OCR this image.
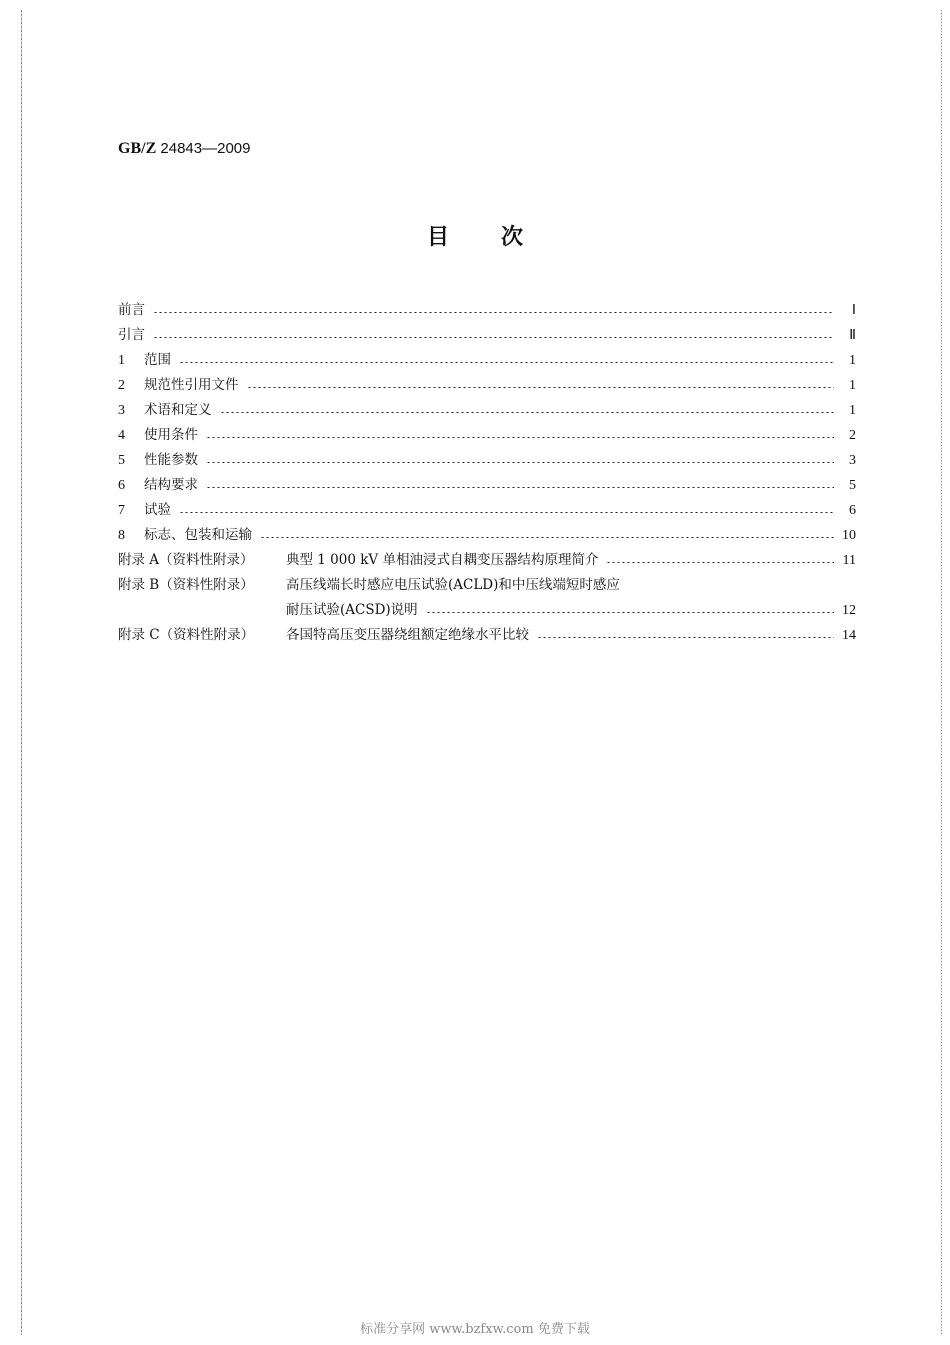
GB/Z 24843—2009
目 次
前言	Ⅰ
引言	Ⅱ
1	范围	1
2	规范性引用文件	1
3	术语和定义	1
4	使用条件	2
5	性能参数	3
6	结构要求	5
7	试验	6
8	标志、包装和运输	10
附录 A（资料性附录）	典型 1 000 kV 单相油浸式自耦变压器结构原理简介	11
附录 B（资料性附录）	高压线端长时感应电压试验(ACLD)和中压线端短时感应
耐压试验(ACSD)说明	12
附录 C（资料性附录）	各国特高压变压器绕组额定绝缘水平比较	14
标准分享网 www.bzfxw.com 免费下载
